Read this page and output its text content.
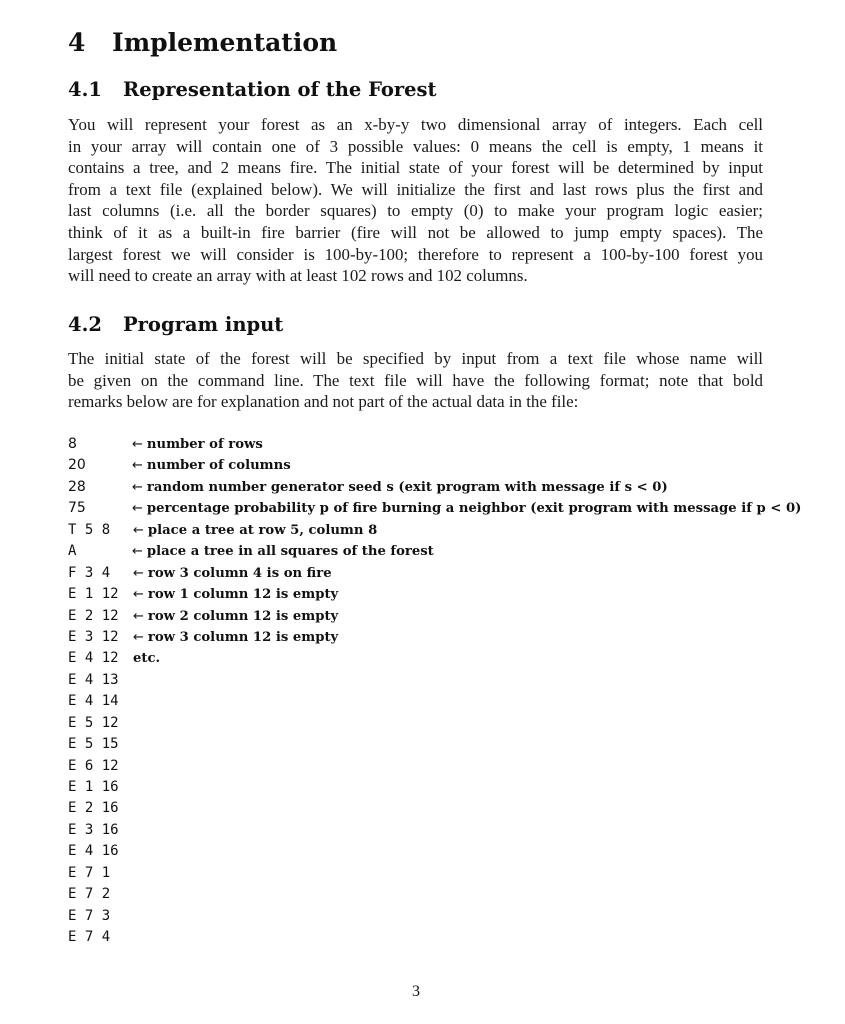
4 Implementation
4.1 Representation of the Forest
You will represent your forest as an x-by-y two dimensional array of integers. Each cell
in your array will contain one of 3 possible values: 0 means the cell is empty, 1 means it
contains a tree, and 2 means fire. The initial state of your forest will be determined by input
from a text file (explained below). We will initialize the first and last rows plus the first and
last columns (i.e. all the border squares) to empty (0) to make your program logic easier;
think of it as a built-in fire barrier (fire will not be allowed to jump empty spaces). The
largest forest we will consider is 100-by-100; therefore to represent a 100-by-100 forest you
will need to create an array with at least 102 rows and 102 columns.
4.2 Program input
The initial state of the forest will be specified by input from a text file whose name will
be given on the command line. The text file will have the following format; note that bold
remarks below are for explanation and not part of the actual data in the file:
8	← number of rows
20	← number of columns
28	← random number generator seed s (exit program with message if s < 0)
75	← percentage probability p of fire burning a neighbor (exit program with message if p < 0)
T 5 8 ← place a tree at row 5, column 8
A	← place a tree in all squares of the forest
F 3 4 ← row 3 column 4 is on fire
E 1 12 ← row 1 column 12 is empty
E 2 12 ← row 2 column 12 is empty
E 3 12 ← row 3 column 12 is empty
E 4 12 etc.
E 4 13
E 4 14
E 5 12
E 5 15
E 6 12
E 1 16
E 2 16
E 3 16
E 4 16
E 7 1
E 7 2
E 7 3
E 7 4
3
